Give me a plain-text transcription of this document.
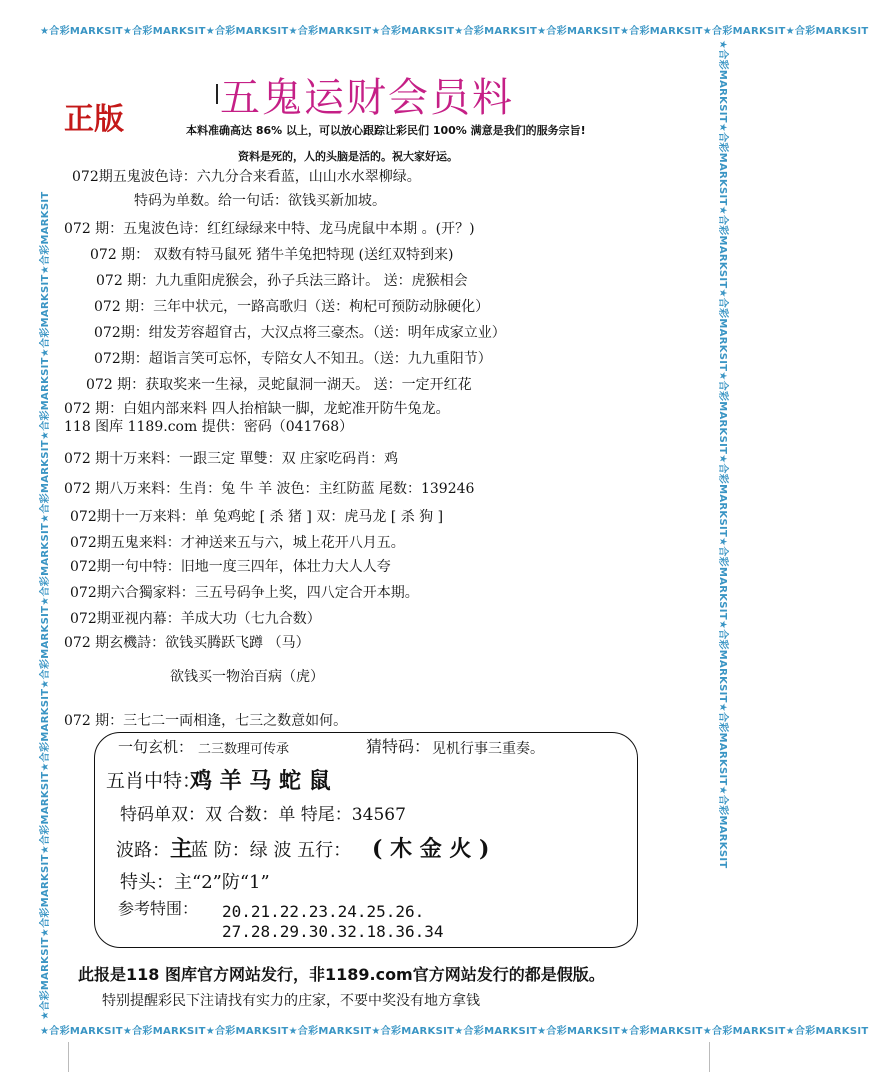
★合彩MARKSIT★合彩MARKSIT★合彩MARKSIT★合彩MARKSIT★合彩MARKSIT★合彩MARKSIT★合彩MARKSIT★合彩MARKSIT★合彩MARKSIT★合彩MARKSIT
★合彩MARKSIT★合彩MARKSIT★合彩MARKSIT★合彩MARKSIT★合彩MARKSIT★合彩MARKSIT★合彩MARKSIT★合彩MARKSIT★合彩MARKSIT★合彩MARKSIT
★合彩MARKSIT★合彩MARKSIT★合彩MARKSIT★合彩MARKSIT★合彩MARKSIT★合彩MARKSIT★合彩MARKSIT★合彩MARKSIT★合彩MARKSIT★合彩MARKSIT	★合彩MARKSIT★合彩MARKSIT★合彩MARKSIT★合彩MARKSIT★合彩MARKSIT★合彩MARKSIT★合彩MARKSIT★合彩MARKSIT★合彩MARKSIT★合彩MARKSIT
五鬼运财会员料
正版	本料准确高达 86% 以上，可以放心跟踪让彩民们 100% 满意是我们的服务宗旨!
资料是死的，人的头脑是活的。祝大家好运。
072期五鬼波色诗：六九分合来看蓝，山山水水翠柳绿。
特码为单数。给一句话：欲钱买新加坡。
072 期：五鬼波色诗：红红绿绿来中特、龙马虎鼠中本期 。(开？)
072 期： 双数有特马鼠死 猪牛羊兔把特现 (送红双特到来)
072 期：九九重阳虎猴会，孙子兵法三路计。 送：虎猴相会
072 期：三年中状元，一路高歌归（送：枸杞可预防动脉硬化）
072期：绀发芳容超窅古，大汉点将三豪杰。（送：明年成家立业）
072期：超诣言笑可忘怀，专陪女人不知丑。（送：九九重阳节）
072 期：获取奖来一生禄，灵蛇鼠洞一湖天。 送：一定开红花
072 期：白姐内部来料 四人抬棺缺一脚，龙蛇准开防牛兔龙。
118 图库 1189.com 提供：密码（041768）
072 期十万来料：一跟三定 單雙：双 庄家吃码肖：鸡
072 期八万来料：生肖：兔 牛 羊 波色：主红防蓝 尾数：139246
072期十一万来料：单 兔鸡蛇 [ 杀 猪 ] 双：虎马龙 [ 杀 狗 ]
072期五鬼来料：才神送来五与六，城上花开八月五。
072期一句中特：旧地一度三四年，体壮力大人人夸
072期六合獨家料：三五号码争上奖，四八定合开本期。
072期亚视内幕：羊成大功（七九合数）
072 期玄機詩：欲钱买腾跃飞蹲 （马）
欲钱买一物治百病（虎）
072 期：三七二一両相逢，七三之数意如何。
一句玄机： 二三数理可传承	猜特码： 见机行事三重奏。
五肖中特：
鸡 羊 马 蛇 鼠
特码单双：双 合数：单 特尾：34567
波路： 主
蓝 防：绿 波 五行： ( 木 金 火 )
特头：主“2”防“1”
参考特围： 20.21.22.23.24.25.26.
27.28.29.30.32.18.36.34
此报是118 图库官方网站发行，非1189.com官方网站发行的都是假版。
特别提醒彩民下注请找有实力的庄家，不要中奖没有地方拿钱
